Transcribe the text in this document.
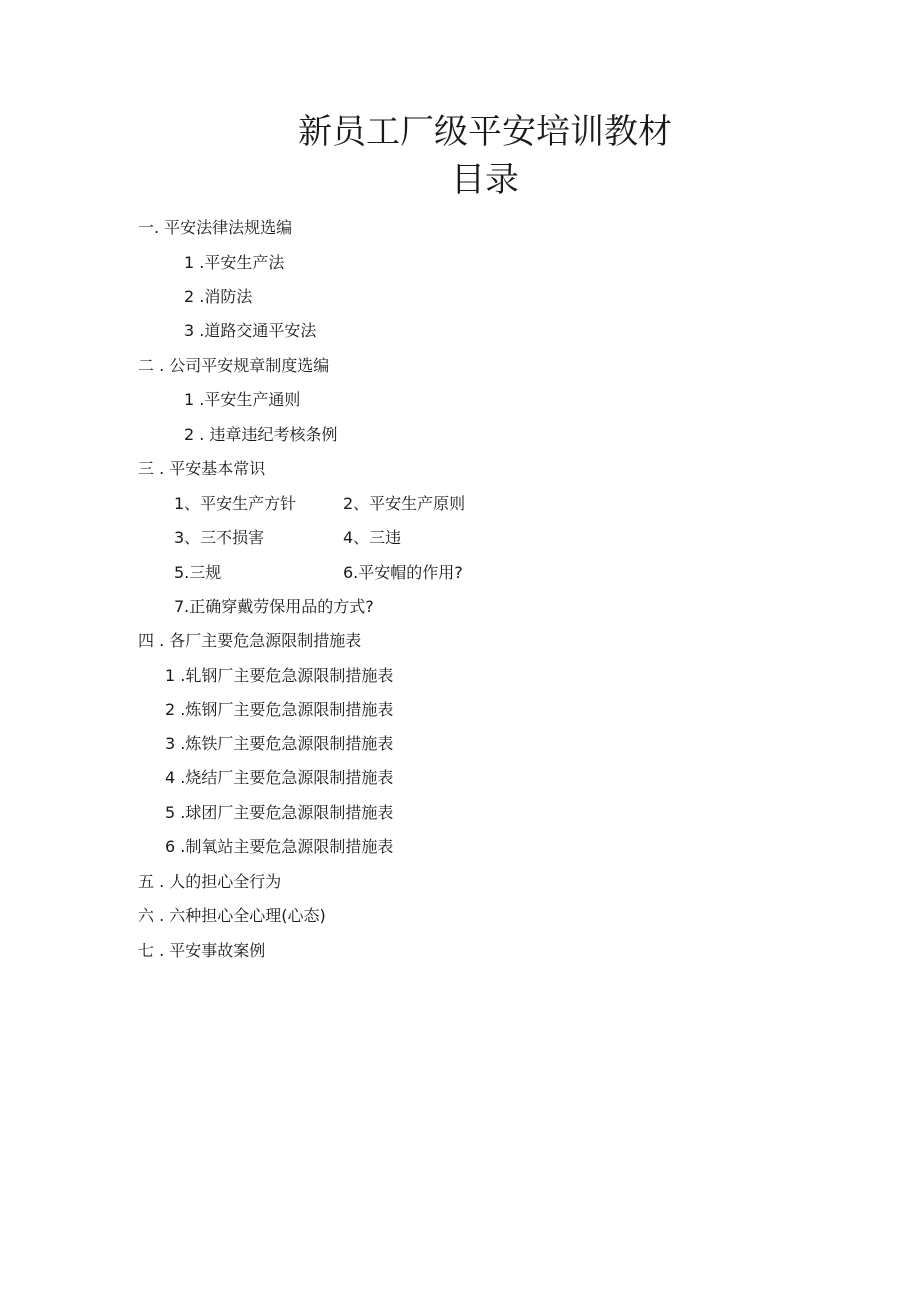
新员工厂级平安培训教材
目录
一. 平安法律法规选编
1 .平安生产法
2 .消防法
3 .道路交通平安法
二 . 公司平安规章制度选编
1 .平安生产通则
2 . 违章违纪考核条例
三 . 平安基本常识
1、平安生产方针	2、平安生产原则
3、三不损害	4、三违
5.三规	6.平安帽的作用?
7.正确穿戴劳保用品的方式?
四 . 各厂主要危急源限制措施表
1 .轧钢厂主要危急源限制措施表
2 .炼钢厂主要危急源限制措施表
3 .炼铁厂主要危急源限制措施表
4 .烧结厂主要危急源限制措施表
5 .球团厂主要危急源限制措施表
6 .制氧站主要危急源限制措施表
五 . 人的担心全行为
六 . 六种担心全心理(心态)
七 . 平安事故案例
